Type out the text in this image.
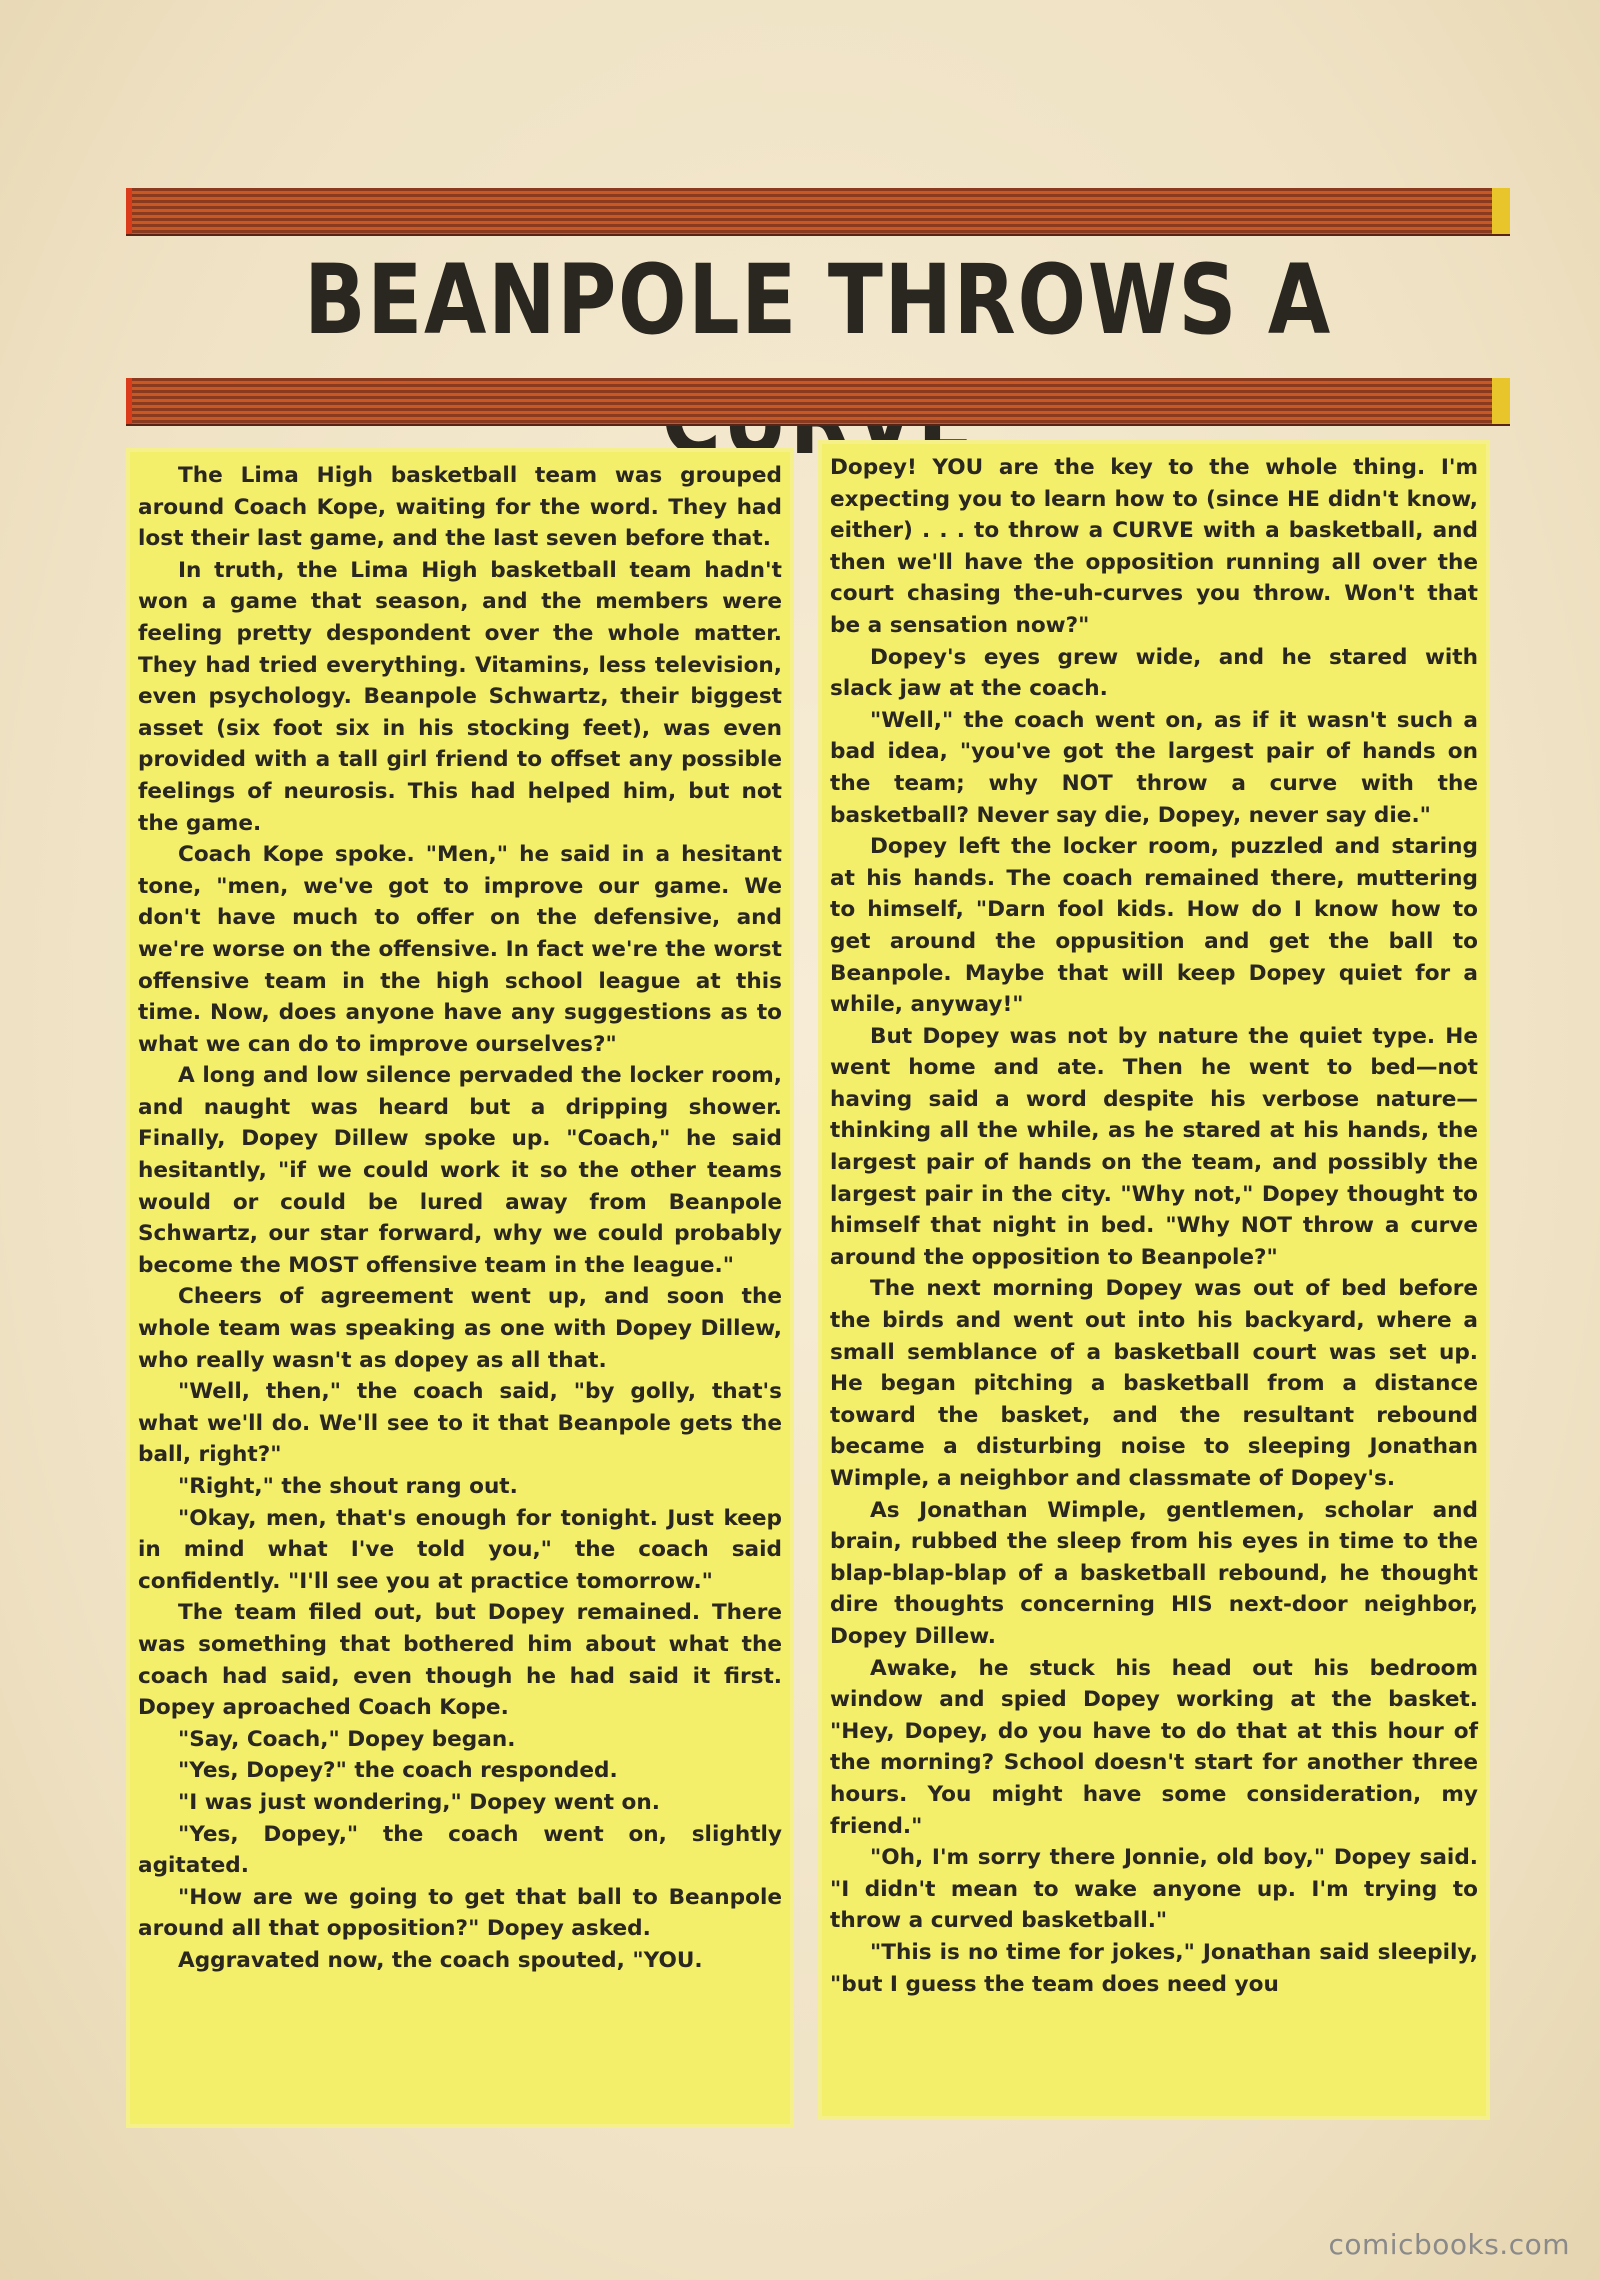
BEANPOLE THROWS A

The Lima High basketball team was grouped around Coach Kope, waiting for the word. They had lost their last game, and the last seven before that.

In truth, the Lima High basketball team hadn't won a game that season, and the members were feeling pretty despondent over the whole matter. They had tried everything. Vitamins, less television, even psychology. Beanpole Schwartz, their biggest asset (six foot six in his stocking feet), was even provided with a tall girl friend to offset any possible feelings of neurosis. This had helped him, but not the game.

Coach Kope spoke. "Men," he said in a hesitant tone, "men, we've got to improve our game. We don't have much to offer on the defensive, and we're worse on the offensive. In fact we're the worst offensive team in the high school league at this time. Now, does anyone have any suggestions as to what we can do to improve ourselves?"

A long and low silence pervaded the locker room, and naught was heard but a dripping shower. Finally, Dopey Dillew spoke up. "Coach," he said hesitantly, "if we could work it so the other teams would or could be lured away from Beanpole Schwartz, our star forward, why we could probably become the MOST offensive team in the league."

Cheers of agreement went up, and soon the whole team was speaking as one with Dopey Dillew, who really wasn't as dopey as all that.

"Well, then," the coach said, "by golly, that's what we'll do. We'll see to it that Beanpole gets the ball, right?"

"Right," the shout rang out.

"Okay, men, that's enough for tonight. Just keep in mind what I've told you," the coach said confidently. "I'll see you at practice tomorrow."

The team filed out, but Dopey remained. There was something that bothered him about what the coach had said, even though he had said it first. Dopey aproached Coach Kope.

"Say, Coach," Dopey began.

"Yes, Dopey?" the coach responded.

"I was just wondering," Dopey went on.

"Yes, Dopey," the coach went on, slightly agitated.

"How are we going to get that ball to Beanpole around all that opposition?" Dopey asked.

Aggravated now, the coach spouted, "YOU.

Dopey! YOU are the key to the whole thing. I'm expecting you to learn how to (since HE didn't know, either) . . . to throw a CURVE with a basketball, and then we'll have the opposition running all over the court chasing the-uh-curves you throw. Won't that be a sensation now?"

Dopey's eyes grew wide, and he stared with slack jaw at the coach.

"Well," the coach went on, as if it wasn't such a bad idea, "you've got the largest pair of hands on the team; why NOT throw a curve with the basketball? Never say die, Dopey, never say die."

Dopey left the locker room, puzzled and staring at his hands. The coach remained there, muttering to himself, "Darn fool kids. How do I know how to get around the oppusition and get the ball to Beanpole. Maybe that will keep Dopey quiet for a while, anyway!"

But Dopey was not by nature the quiet type. He went home and ate. Then he went to bed—not having said a word despite his verbose nature—thinking all the while, as he stared at his hands, the largest pair of hands on the team, and possibly the largest pair in the city. "Why not," Dopey thought to himself that night in bed. "Why NOT throw a curve around the opposition to Beanpole?"

The next morning Dopey was out of bed before the birds and went out into his backyard, where a small semblance of a basketball court was set up. He began pitching a basketball from a distance toward the basket, and the resultant rebound became a disturbing noise to sleeping Jonathan Wimple, a neighbor and classmate of Dopey's.

As Jonathan Wimple, gentlemen, scholar and brain, rubbed the sleep from his eyes in time to the blap-blap-blap of a basketball rebound, he thought dire thoughts concerning HIS next-door neighbor, Dopey Dillew.

Awake, he stuck his head out his bedroom window and spied Dopey working at the basket. "Hey, Dopey, do you have to do that at this hour of the morning? School doesn't start for another three hours. You might have some consideration, my friend."

"Oh, I'm sorry there Jonnie, old boy," Dopey said. "I didn't mean to wake anyone up. I'm trying to throw a curved basketball."

"This is no time for jokes," Jonathan said sleepily, "but I guess the team does need you

comicbooks.com
